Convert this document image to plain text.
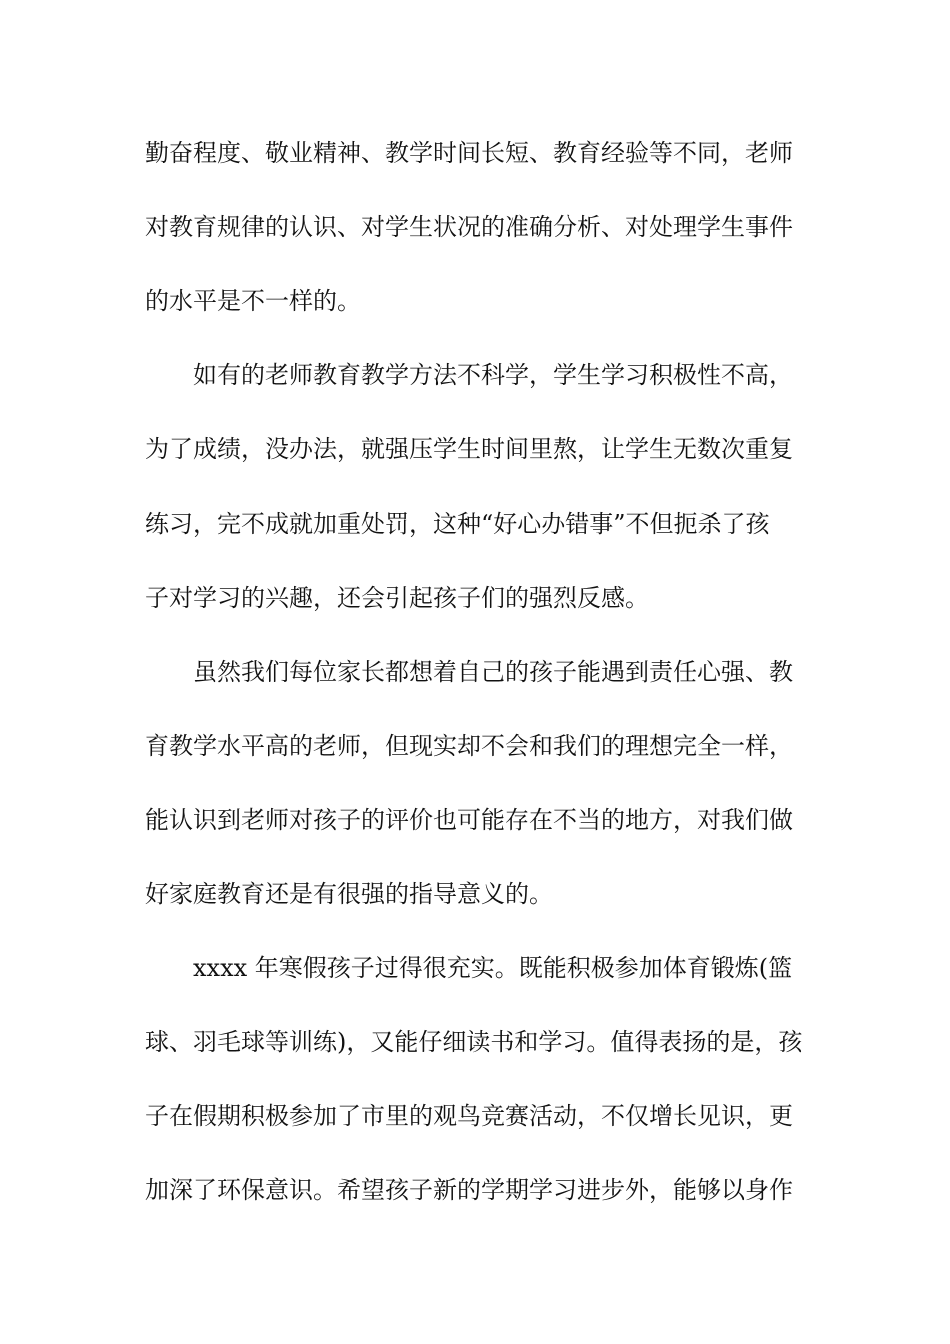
勤奋程度、敬业精神、教学时间长短、教育经验等不同，老师
对教育规律的认识、对学生状况的准确分析、对处理学生事件
的水平是不一样的。
如有的老师教育教学方法不科学，学生学习积极性不高，
为了成绩，没办法，就强压学生时间里熬，让学生无数次重复
练习，完不成就加重处罚，这种“好心办错事”不但扼杀了孩
子对学习的兴趣，还会引起孩子们的强烈反感。
虽然我们每位家长都想着自己的孩子能遇到责任心强、教
育教学水平高的老师，但现实却不会和我们的理想完全一样，
能认识到老师对孩子的评价也可能存在不当的地方，对我们做
好家庭教育还是有很强的指导意义的。
xxxx 年寒假孩子过得很充实。既能积极参加体育锻炼(篮
球、羽毛球等训练)，又能仔细读书和学习。值得表扬的是，孩
子在假期积极参加了市里的观鸟竞赛活动，不仅增长见识，更
加深了环保意识。希望孩子新的学期学习进步外，能够以身作
